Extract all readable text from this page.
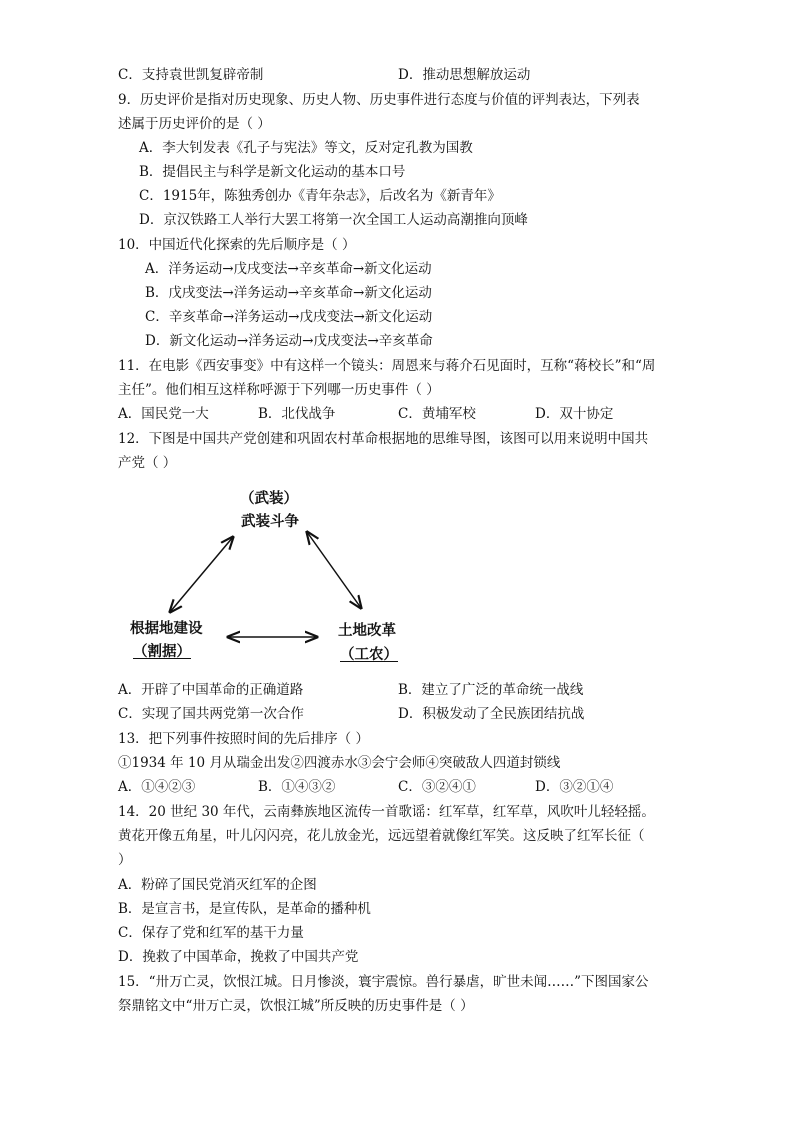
C．支持袁世凯复辟帝制	D．推动思想解放运动
9．历史评价是指对历史现象、历史人物、历史事件进行态度与价值的评判表达，下列表
述属于历史评价的是（ ）
A．李大钊发表《孔子与宪法》等文，反对定孔教为国教
B．提倡民主与科学是新文化运动的基本口号
C．1915年，陈独秀创办《青年杂志》，后改名为《新青年》
D．京汉铁路工人举行大罢工将第一次全国工人运动高潮推向顶峰
10．中国近代化探索的先后顺序是（ ）
A．洋务运动→戊戌变法→辛亥革命→新文化运动
B．戊戌变法→洋务运动→辛亥革命→新文化运动
C．辛亥革命→洋务运动→戊戌变法→新文化运动
D．新文化运动→洋务运动→戊戌变法→辛亥革命
11．在电影《西安事变》中有这样一个镜头：周恩来与蒋介石见面时，互称“蒋校长”和“周
主任”。他们相互这样称呼源于下列哪一历史事件（ ）
A．国民党一大	B．北伐战争	C．黄埔军校	D．双十协定
12．下图是中国共产党创建和巩固农村革命根据地的思维导图，该图可以用来说明中国共
产党（ ）
（武装）
武装斗争
根据地建设
（割据）
土地改革
（工农）
A．开辟了中国革命的正确道路	B．建立了广泛的革命统一战线
C．实现了国共两党第一次合作	D．积极发动了全民族团结抗战
13．把下列事件按照时间的先后排序（ ）
①1934 年 10 月从瑞金出发②四渡赤水③会宁会师④突破敌人四道封锁线
A．①④②③	B．①④③②	C．③②④①	D．③②①④
14．20 世纪 30 年代，云南彝族地区流传一首歌谣：红军草，红军草，风吹叶儿轻轻摇。
黄花开像五角星，叶儿闪闪亮，花儿放金光，远远望着就像红军笑。这反映了红军长征（
）
A．粉碎了国民党消灭红军的企图
B．是宣言书，是宣传队，是革命的播种机
C．保存了党和红军的基干力量
D．挽救了中国革命，挽救了中国共产党
15．“卅万亡灵，饮恨江城。日月惨淡，寰宇震惊。兽行暴虐，旷世未闻……”下图国家公
祭鼎铭文中“卅万亡灵，饮恨江城”所反映的历史事件是（ ）
